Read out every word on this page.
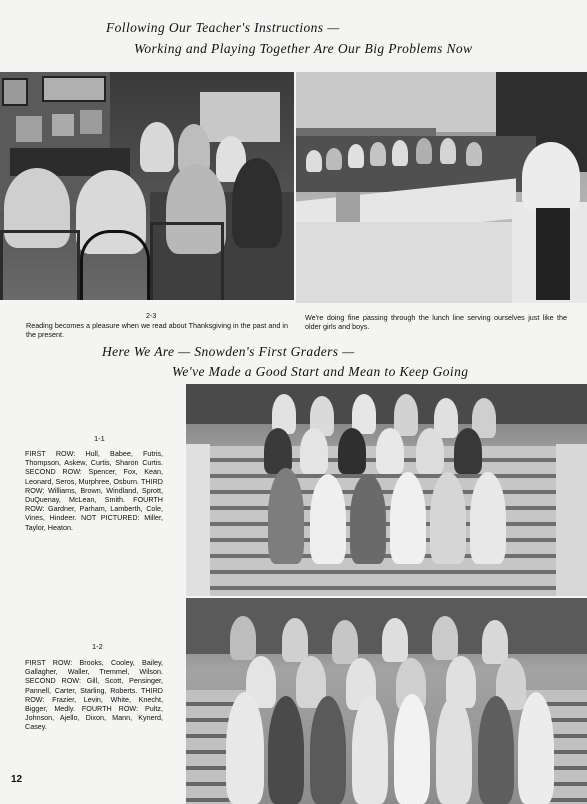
Following Our Teacher's Instructions —
Working and Playing Together Are Our Big Problems Now
2-3
Reading becomes a pleasure when we read about Thanksgiving in the past and in the present.
We're doing fine passing through the lunch line serving ourselves just like the older girls and boys.
Here We Are — Snowden's First Graders —
We've Made a Good Start and Mean to Keep Going
1-1
FIRST ROW: Hull, Babee, Futris, Thompson, Askew, Curtis, Sharon Curtis. SECOND ROW: Spencer, Fox, Kean, Leonard, Seros, Murphree, Osburn. THIRD ROW: Williams, Brown, Windland, Sprott, DuQuenay, McLean, Smith. FOURTH ROW: Gardner, Parham, Lamberth, Cole, Vines, Hindeer. NOT PICTURED: Miller, Taylor, Heaton.
1-2
FIRST ROW: Brooks, Cooley, Bailey, Gallagher, Waller, Tremmel, Wilson. SECOND ROW: Gill, Scott, Pensinger, Pannell, Carter, Starling, Roberts. THIRD ROW: Frazier, Levin, White, Knecht, Bigger, Medly. FOURTH ROW: Pultz, Johnson, Ajello, Dixon, Mann, Kynerd, Casey.
12
